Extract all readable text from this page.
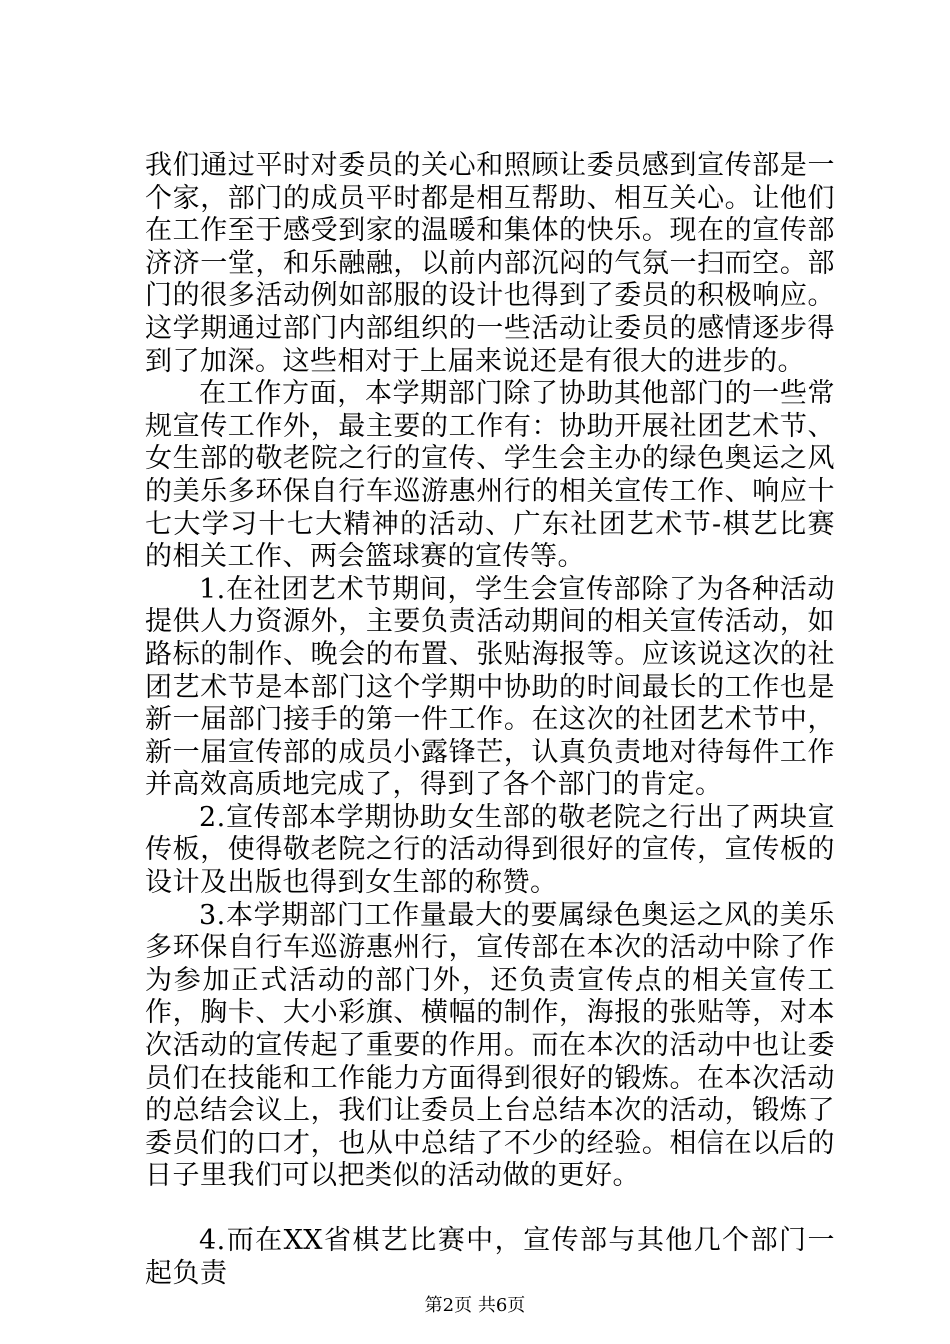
我们通过平时对委员的关心和照顾让委员感到宣传部是一个家，部门的成员平时都是相互帮助、相互关心。让他们在工作至于感受到家的温暖和集体的快乐。现在的宣传部济济一堂，和乐融融，以前内部沉闷的气氛一扫而空。部门的很多活动例如部服的设计也得到了委员的积极响应。这学期通过部门内部组织的一些活动让委员的感情逐步得到了加深。这些相对于上届来说还是有很大的进步的。

在工作方面，本学期部门除了协助其他部门的一些常规宣传工作外，最主要的工作有：协助开展社团艺术节、女生部的敬老院之行的宣传、学生会主办的绿色奥运之风的美乐多环保自行车巡游惠州行的相关宣传工作、响应十七大学习十七大精神的活动、广东社团艺术节-棋艺比赛的相关工作、两会篮球赛的宣传等。

1.在社团艺术节期间，学生会宣传部除了为各种活动提供人力资源外，主要负责活动期间的相关宣传活动，如路标的制作、晚会的布置、张贴海报等。应该说这次的社团艺术节是本部门这个学期中协助的时间最长的工作也是新一届部门接手的第一件工作。在这次的社团艺术节中，新一届宣传部的成员小露锋芒，认真负责地对待每件工作并高效高质地完成了，得到了各个部门的肯定。

2.宣传部本学期协助女生部的敬老院之行出了两块宣传板，使得敬老院之行的活动得到很好的宣传，宣传板的设计及出版也得到女生部的称赞。

3.本学期部门工作量最大的要属绿色奥运之风的美乐多环保自行车巡游惠州行，宣传部在本次的活动中除了作为参加正式活动的部门外，还负责宣传点的相关宣传工作，胸卡、大小彩旗、横幅的制作，海报的张贴等，对本次活动的宣传起了重要的作用。而在本次的活动中也让委员们在技能和工作能力方面得到很好的锻炼。在本次活动的总结会议上，我们让委员上台总结本次的活动，锻炼了委员们的口才，也从中总结了不少的经验。相信在以后的日子里我们可以把类似的活动做的更好。

4.而在XX省棋艺比赛中，宣传部与其他几个部门一起负责

第2页 共6页
